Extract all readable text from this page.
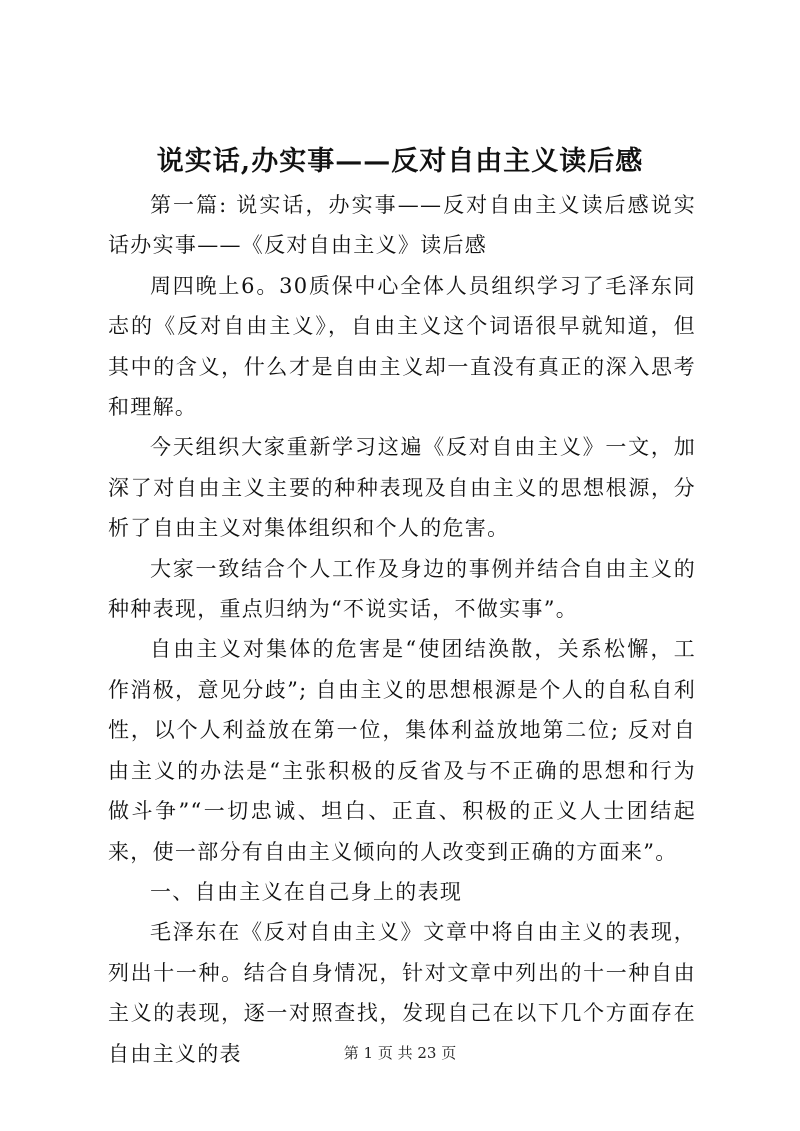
说实话,办实事——反对自由主义读后感

第一篇: 说实话，办实事——反对自由主义读后感说实话办实事——《反对自由主义》读后感

周四晚上6。30质保中心全体人员组织学习了毛泽东同志的《反对自由主义》，自由主义这个词语很早就知道，但其中的含义，什么才是自由主义却一直没有真正的深入思考和理解。

今天组织大家重新学习这遍《反对自由主义》一文，加深了对自由主义主要的种种表现及自由主义的思想根源，分析了自由主义对集体组织和个人的危害。

大家一致结合个人工作及身边的事例并结合自由主义的种种表现，重点归纳为“不说实话，不做实事”。

自由主义对集体的危害是“使团结涣散，关系松懈，工作消极，意见分歧”; 自由主义的思想根源是个人的自私自利性，以个人利益放在第一位，集体利益放地第二位; 反对自由主义的办法是“主张积极的反省及与不正确的思想和行为做斗争”“一切忠诚、坦白、正直、积极的正义人士团结起来，使一部分有自由主义倾向的人改变到正确的方面来”。

一、自由主义在自己身上的表现

毛泽东在《反对自由主义》文章中将自由主义的表现，列出十一种。结合自身情况，针对文章中列出的十一种自由主义的表现，逐一对照查找，发现自己在以下几个方面存在自由主义的表	第 1 页 共 23 页
